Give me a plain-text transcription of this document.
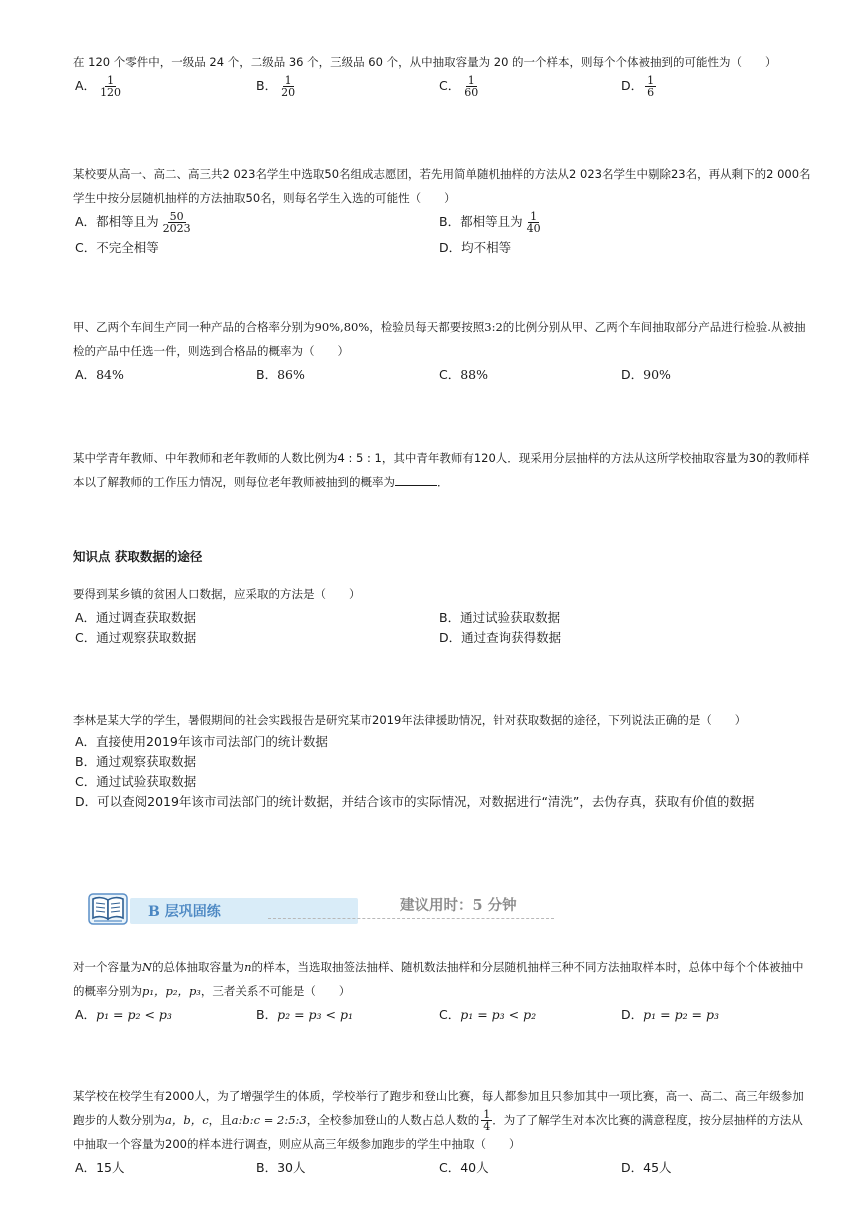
在 120 个零件中，一级品 24 个，二级品 36 个，三级品 60 个，从中抽取容量为 20 的一个样本，则每个个体被抽到的可能性为（　　）

A． $\frac{1}{120}$	B． $\frac{1}{20}$	C． $\frac{1}{60}$	D． $\frac{1}{6}$

某校要从高一、高二、高三共2 023名学生中选取50名组成志愿团，若先用简单随机抽样的方法从2 023名学生中剔除23名，再从剩下的2 000名学生中按分层随机抽样的方法抽取50名，则每名学生入选的可能性（　　）

A．都相等且为 $\frac{50}{2023}$	B．都相等且为 $\frac{1}{40}$
C．不完全相等	D．均不相等

甲、乙两个车间生产同一种产品的合格率分别为90%,80%，检验员每天都要按照3:2的比例分别从甲、乙两个车间抽取部分产品进行检验.从被抽检的产品中任选一件，则选到合格品的概率为（　　）

A．84%	B．86%	C．88%	D．90%

某中学青年教师、中年教师和老年教师的人数比例为4 : 5 : 1，其中青年教师有120人．现采用分层抽样的方法从这所学校抽取容量为30的教师样本以了解教师的工作压力情况，则每位老年教师被抽到的概率为	．

知识点 获取数据的途径

要得到某乡镇的贫困人口数据，应采取的方法是（　　）

A．通过调查获取数据	B．通过试验获取数据
C．通过观察获取数据	D．通过查询获得数据

李林是某大学的学生，暑假期间的社会实践报告是研究某市2019年法律援助情况，针对获取数据的途径，下列说法正确的是（　　）

A．直接使用2019年该市司法部门的统计数据
B．通过观察获取数据
C．通过试验获取数据
D．可以查阅2019年该市司法部门的统计数据，并结合该市的实际情况，对数据进行“清洗”，去伪存真，获取有价值的数据
B 层巩固练	建议用时：5 分钟

对一个容量为N的总体抽取容量为n的样本，当选取抽签法抽样、随机数法抽样和分层随机抽样三种不同方法抽取样本时，总体中每个个体被抽中的概率分别为p₁，p₂，p₃，三者关系不可能是（　　）

A．p₁ = p₂ < p₃	B．p₂ = p₃ < p₁	C．p₁ = p₃ < p₂	D．p₁ = p₂ = p₃

某学校在校学生有2000人，为了增强学生的体质，学校举行了跑步和登山比赛，每人都参加且只参加其中一项比赛，高一、高二、高三年级参加跑步的人数分别为a，b，c，且a:b:c = 2:5:3，全校参加登山的人数占总人数的 $\frac{1}{4}$ ．为了了解学生对本次比赛的满意程度，按分层抽样的方法从中抽取一个容量为200的样本进行调查，则应从高三年级参加跑步的学生中抽取（　　）

A．15人	B．30人	C．40人	D．45人
